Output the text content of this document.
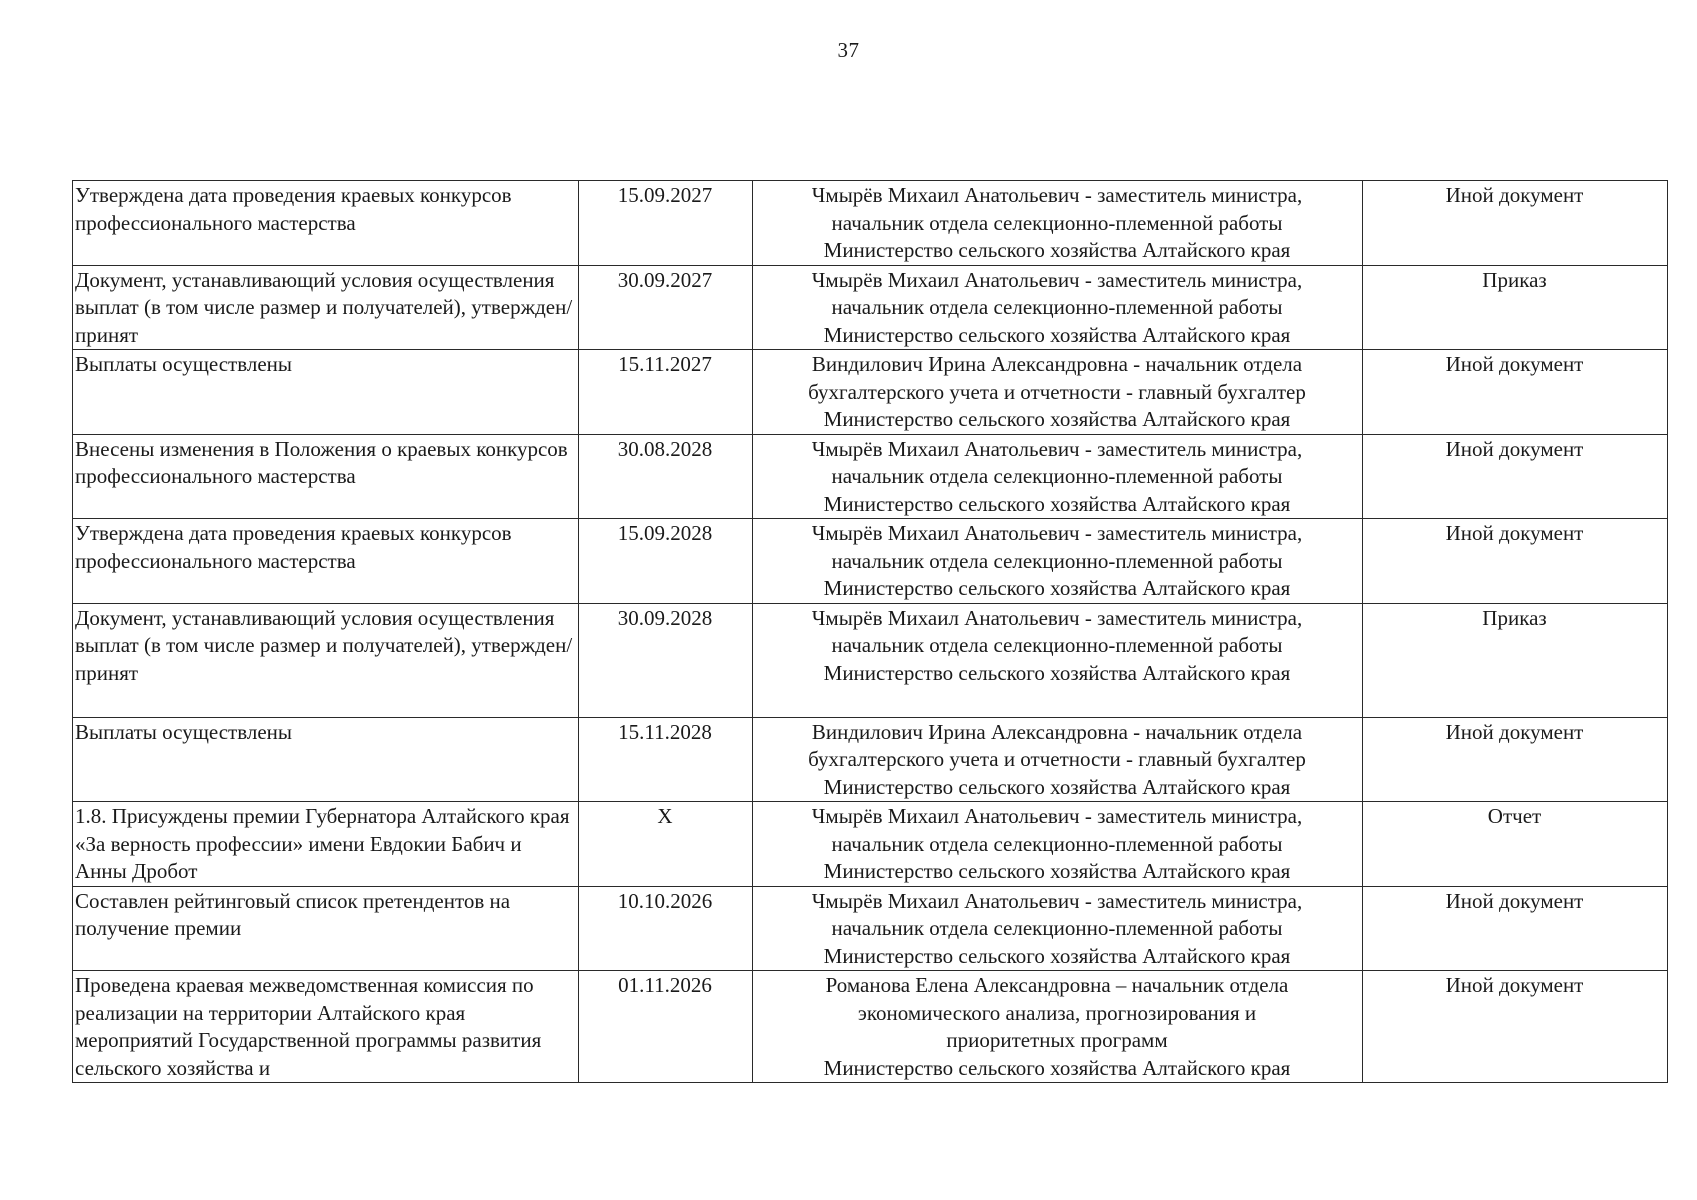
37
Утверждена дата проведения краевых конкурсов профессионального мастерства	15.09.2027	Чмырёв Михаил Анатольевич - заместитель министра,
начальник отдела селекционно-племенной работы
Министерство сельского хозяйства Алтайского края	Иной документ
Документ, устанавливающий условия осуществления выплат (в том числе размер и получателей), утвержден/принят	30.09.2027	Чмырёв Михаил Анатольевич - заместитель министра,
начальник отдела селекционно-племенной работы
Министерство сельского хозяйства Алтайского края	Приказ
Выплаты осуществлены	15.11.2027	Виндилович Ирина Александровна - начальник отдела
бухгалтерского учета и отчетности - главный бухгалтер
Министерство сельского хозяйства Алтайского края	Иной документ
Внесены изменения в Положения о краевых конкурсов профессионального мастерства	30.08.2028	Чмырёв Михаил Анатольевич - заместитель министра,
начальник отдела селекционно-племенной работы
Министерство сельского хозяйства Алтайского края	Иной документ
Утверждена дата проведения краевых конкурсов профессионального мастерства	15.09.2028	Чмырёв Михаил Анатольевич - заместитель министра,
начальник отдела селекционно-племенной работы
Министерство сельского хозяйства Алтайского края	Иной документ
Документ, устанавливающий условия осуществления выплат (в том числе размер и получателей), утвержден/принят	30.09.2028	Чмырёв Михаил Анатольевич - заместитель министра,
начальник отдела селекционно-племенной работы
Министерство сельского хозяйства Алтайского края	Приказ
Выплаты осуществлены	15.11.2028	Виндилович Ирина Александровна - начальник отдела
бухгалтерского учета и отчетности - главный бухгалтер
Министерство сельского хозяйства Алтайского края	Иной документ
1.8. Присуждены премии Губернатора Алтайского края «За верность профессии» имени Евдокии Бабич и Анны Дробот	X	Чмырёв Михаил Анатольевич - заместитель министра,
начальник отдела селекционно-племенной работы
Министерство сельского хозяйства Алтайского края	Отчет
Составлен рейтинговый список претендентов на получение премии	10.10.2026	Чмырёв Михаил Анатольевич - заместитель министра,
начальник отдела селекционно-племенной работы
Министерство сельского хозяйства Алтайского края	Иной документ
Проведена краевая межведомственная комиссия по реализации на территории Алтайского края мероприятий Государственной программы развития сельского хозяйства и	01.11.2026	Романова Елена Александровна – начальник отдела
экономического анализа, прогнозирования и
приоритетных программ
Министерство сельского хозяйства Алтайского края	Иной документ
